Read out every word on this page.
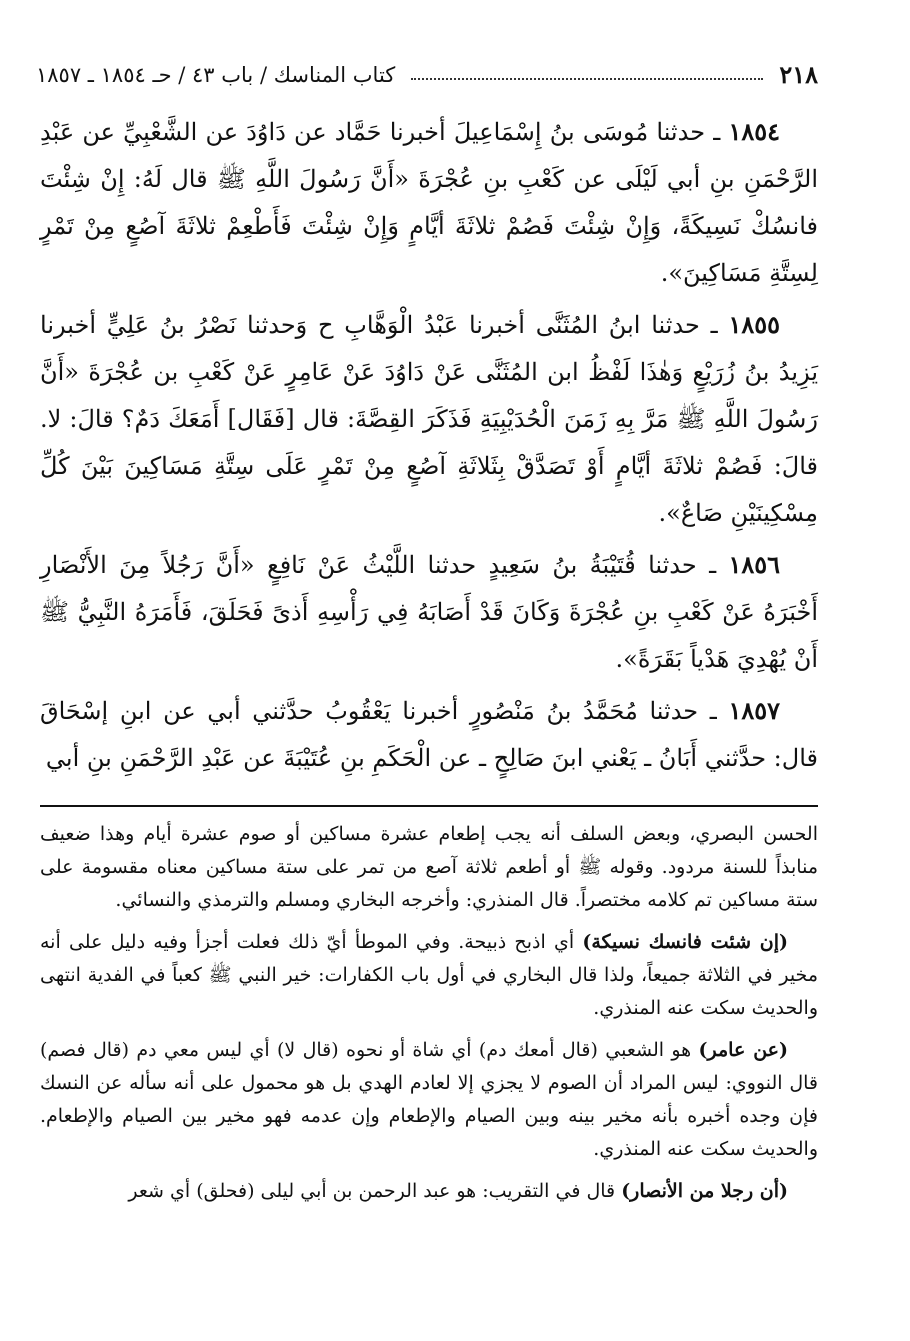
٢١٨
كتاب المناسك / باب ٤٣ / حـ ١٨٥٤ ـ ١٨٥٧

١٨٥٤ ـ حدثنا مُوسَى بنُ إِسْمَاعِيلَ أخبرنا حَمَّاد عن دَاوُدَ عن الشَّعْبِيِّ عن عَبْدِ الرَّحْمَنِ بنِ أبي لَيْلَى عن كَعْبِ بنِ عُجْرَةَ «أَنَّ رَسُولَ اللَّهِ ﷺ قال لَهُ: إِنْ شِئْتَ فانسُكْ نَسِيكَةً، وَإِنْ شِئْتَ فَصُمْ ثلاثَةَ أيَّامٍ وَإِنْ شِئْتَ فَأَطْعِمْ ثلاثَةَ آصُعٍ مِنْ تَمْرٍ لِسِتَّةِ مَسَاكِينَ».

١٨٥٥ ـ حدثنا ابنُ المُثَنَّى أخبرنا عَبْدُ الْوَهَّابِ ح وَحدثنا نَصْرُ بنُ عَلِيٍّ أخبرنا يَزِيدُ بنُ زُرَيْعٍ وَهٰذَا لَفْظُ ابن المُثَنَّى عَنْ دَاوُدَ عَنْ عَامِرٍ عَنْ كَعْبِ بن عُجْرَةَ «أَنَّ رَسُولَ اللَّهِ ﷺ مَرَّ بِهِ زَمَنَ الْحُدَيْبِيَةِ فَذَكَرَ القِصَّةَ: قال [فَقَال] أَمَعَكَ دَمٌ؟ قالَ: لا. قالَ: فَصُمْ ثلاثَةَ أيَّامٍ أَوْ تَصَدَّقْ بِثَلاثَةِ آصُعٍ مِنْ تَمْرٍ عَلَى سِتَّةِ مَسَاكِينَ بَيْنَ كُلِّ مِسْكِينَيْنِ صَاعٌ».

١٨٥٦ ـ حدثنا قُتَيْبَةُ بنُ سَعِيدٍ حدثنا اللَّيْثُ عَنْ نَافِعٍ «أَنَّ رَجُلاً مِنَ الأَنْصَارِ أَخْبَرَهُ عَنْ كَعْبِ بنِ عُجْرَةَ وَكَانَ قَدْ أَصَابَهُ فِي رَأْسِهِ أَذىً فَحَلَقَ، فَأَمَرَهُ النَّبِيُّ ﷺ أَنْ يُهْدِيَ هَدْياً بَقَرَةً».

١٨٥٧ ـ حدثنا مُحَمَّدُ بنُ مَنْصُورٍ أخبرنا يَعْقُوبُ حدَّثني أبي عن ابنِ إسْحَاقَ قال: حدَّثني أَبَانُ ـ يَعْني ابنَ صَالِحٍ ـ عن الْحَكَمِ بنِ عُتَيْبَةَ عن عَبْدِ الرَّحْمَنِ بنِ أبي

الحسن البصري، وبعض السلف أنه يجب إطعام عشرة مساكين أو صوم عشرة أيام وهذا ضعيف منابذاً للسنة مردود. وقوله ﷺ أو أطعم ثلاثة آصع من تمر على ستة مساكين معناه مقسومة على ستة مساكين تم كلامه مختصراً. قال المنذري: وأخرجه البخاري ومسلم والترمذي والنسائي.

(إن شئت فانسك نسيكة) أي اذبح ذبيحة. وفي الموطأ أيّ ذلك فعلت أجزأ وفيه دليل على أنه مخير في الثلاثة جميعاً، ولذا قال البخاري في أول باب الكفارات: خير النبي ﷺ كعباً في الفدية انتهى والحديث سكت عنه المنذري.

(عن عامر) هو الشعبي (قال أمعك دم) أي شاة أو نحوه (قال لا) أي ليس معي دم (قال فصم) قال النووي: ليس المراد أن الصوم لا يجزي إلا لعادم الهدي بل هو محمول على أنه سأله عن النسك فإن وجده أخبره بأنه مخير بينه وبين الصيام والإطعام وإن عدمه فهو مخير بين الصيام والإطعام. والحديث سكت عنه المنذري.

(أن رجلا من الأنصار) قال في التقريب: هو عبد الرحمن بن أبي ليلى (فحلق) أي شعر
